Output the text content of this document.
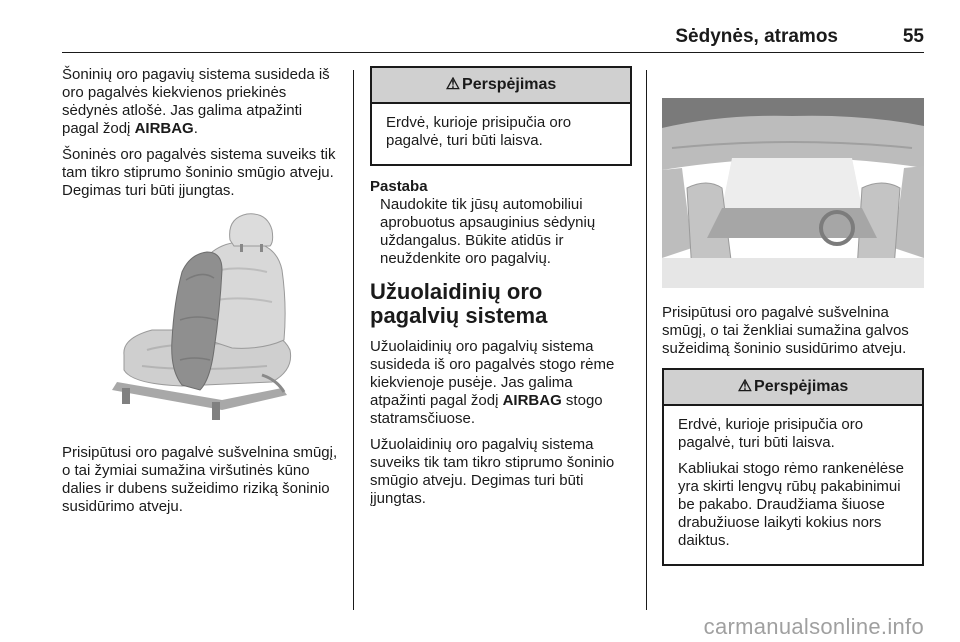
Sėdynės, atramos	55

Šoninių oro pagavių sistema susideda iš oro pagalvės kiekvienos priekinės sėdynės atlošė. Jas galima atpažinti pagal žodį AIRBAG.

Šoninės oro pagalvės sistema suveiks tik tam tikro stiprumo šoninio smūgio atveju. Degimas turi būti įjungtas.

Prisipūtusi oro pagalvė sušvelnina smūgį, o tai žymiai sumažina viršutinės kūno dalies ir dubens sužeidimo riziką šoninio susidūrimo atveju.

⚠ Perspėjimas

Erdvė, kurioje prisipučia oro pagalvė, turi būti laisva.

Pastaba
Naudokite tik jūsų automobiliui aprobuotus apsauginius sėdynių uždangalus. Būkite atidūs ir neuždenkite oro pagalvių.
Užuolaidinių oro pagalvių sistema

Užuolaidinių oro pagalvių sistema susideda iš oro pagalvės stogo rėme kiekvienoje pusėje. Jas galima atpažinti pagal žodį AIRBAG stogo statramsčiuose.

Užuolaidinių oro pagalvių sistema suveiks tik tam tikro stiprumo šoninio smūgio atveju. Degimas turi būti įjungtas.

Prisipūtusi oro pagalvė sušvelnina smūgį, o tai ženkliai sumažina galvos sužeidimą šoninio susidūrimo atveju.

⚠ Perspėjimas

Erdvė, kurioje prisipučia oro pagalvė, turi būti laisva.

Kabliukai stogo rėmo rankenėlėse yra skirti lengvų rūbų pakabinimui be pakabo. Draudžiama šiuose drabužiuose laikyti kokius nors daiktus.

carmanualsonline.info
